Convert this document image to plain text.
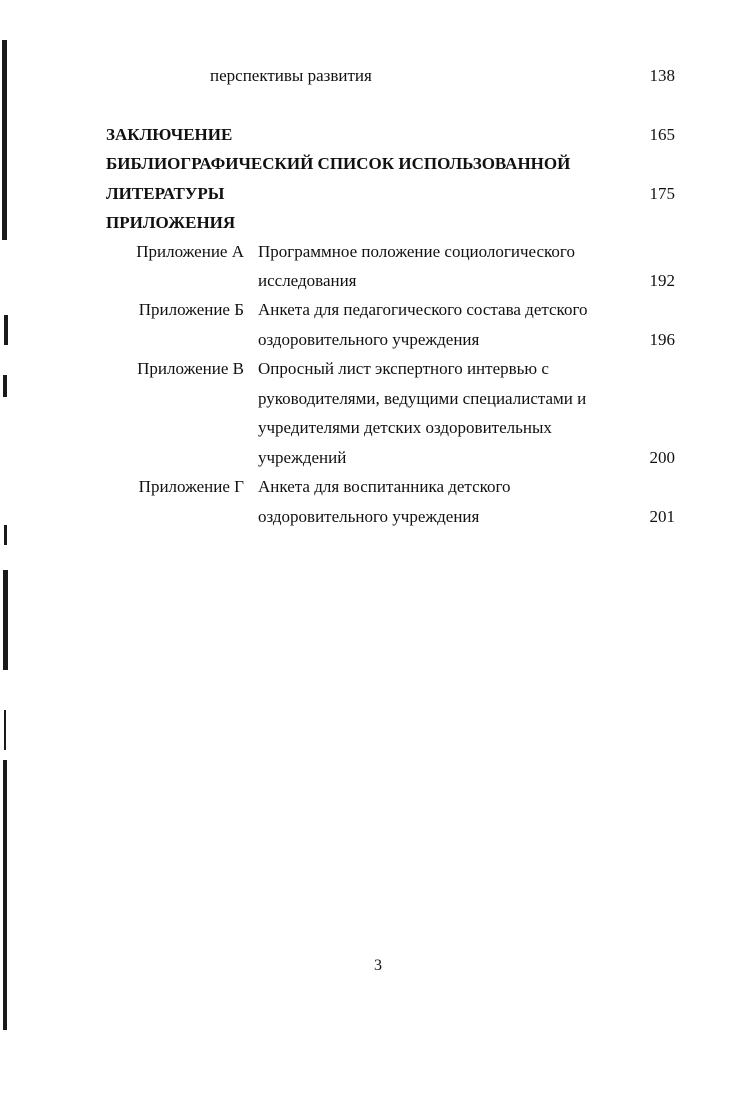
перспективы развития	138
ЗАКЛЮЧЕНИЕ	165
БИБЛИОГРАФИЧЕСКИЙ СПИСОК ИСПОЛЬЗОВАННОЙ
ЛИТЕРАТУРЫ	175
ПРИЛОЖЕНИЯ
Приложение А Программное положение социологического
исследования	192
Приложение Б Анкета для педагогического состава детского
оздоровительного учреждения	196
Приложение В Опросный лист экспертного интервью с
руководителями, ведущими специалистами и
учредителями детских оздоровительных
учреждений	200
Приложение Г Анкета для воспитанника детского
оздоровительного учреждения	201
3
